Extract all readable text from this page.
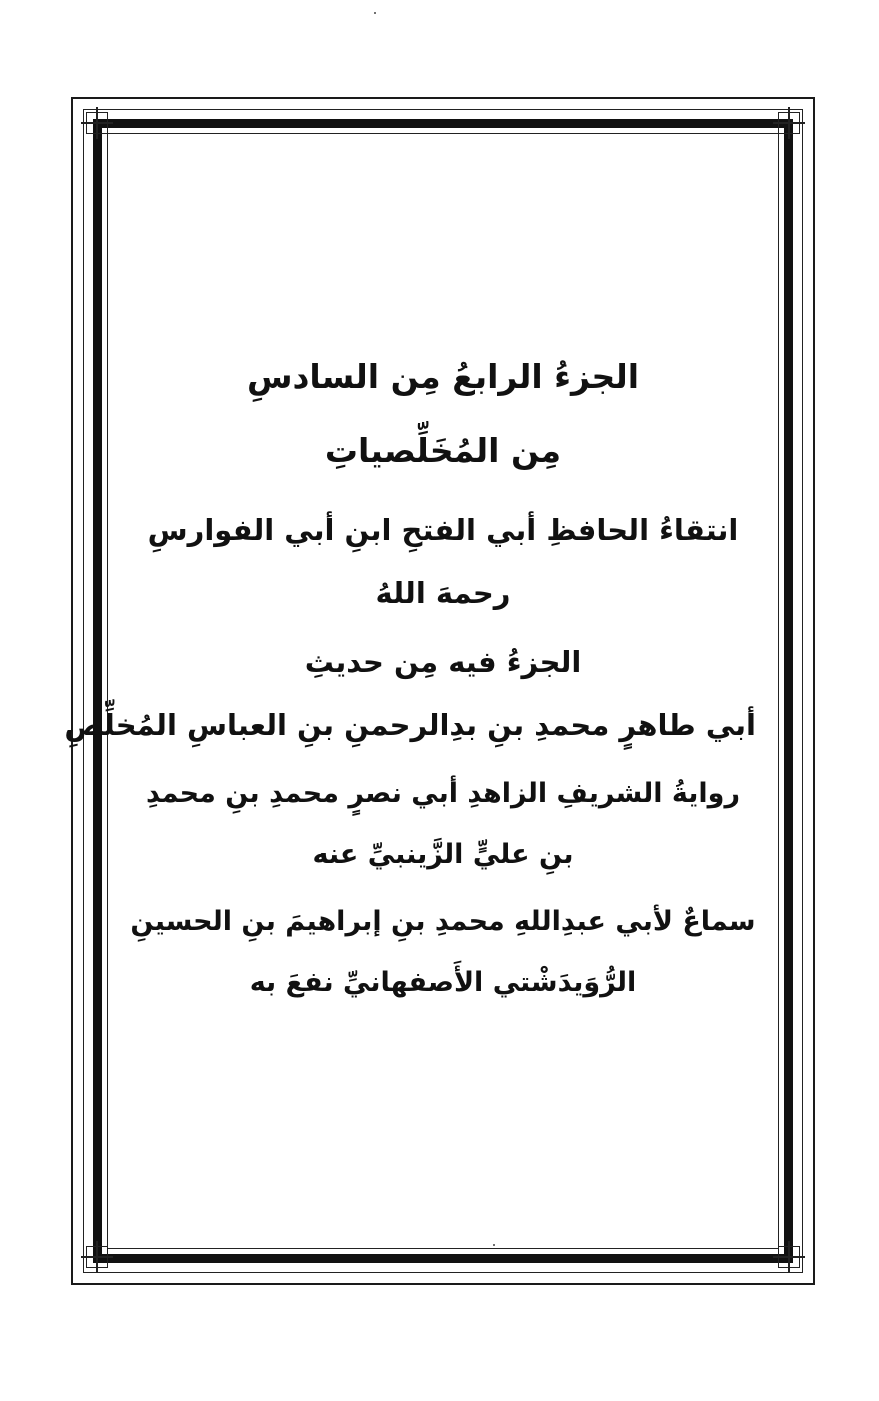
الجزءُ الرابعُ مِن السادسِ
مِن المُخَلِّصياتِ
انتقاءُ الحافظِ أبي الفتحِ ابنِ أبي الفوارسِ
رحمهَ اللهُ
الجزءُ فيه مِن حديثِ
أبي طاهرٍ محمدِ بنِ بدِالرحمنِ بنِ العباسِ المُخلِّصِ
روايةُ الشريفِ الزاهدِ أبي نصرٍ محمدِ بنِ محمدِ
بنِ عليٍّ الزَّينبيِّ عنه
سماعٌ لأبي عبدِاللهِ محمدِ بنِ إبراهيمَ بنِ الحسينِ
الرُّوَيدَشْتي الأَصفهانيِّ نفعَ به
